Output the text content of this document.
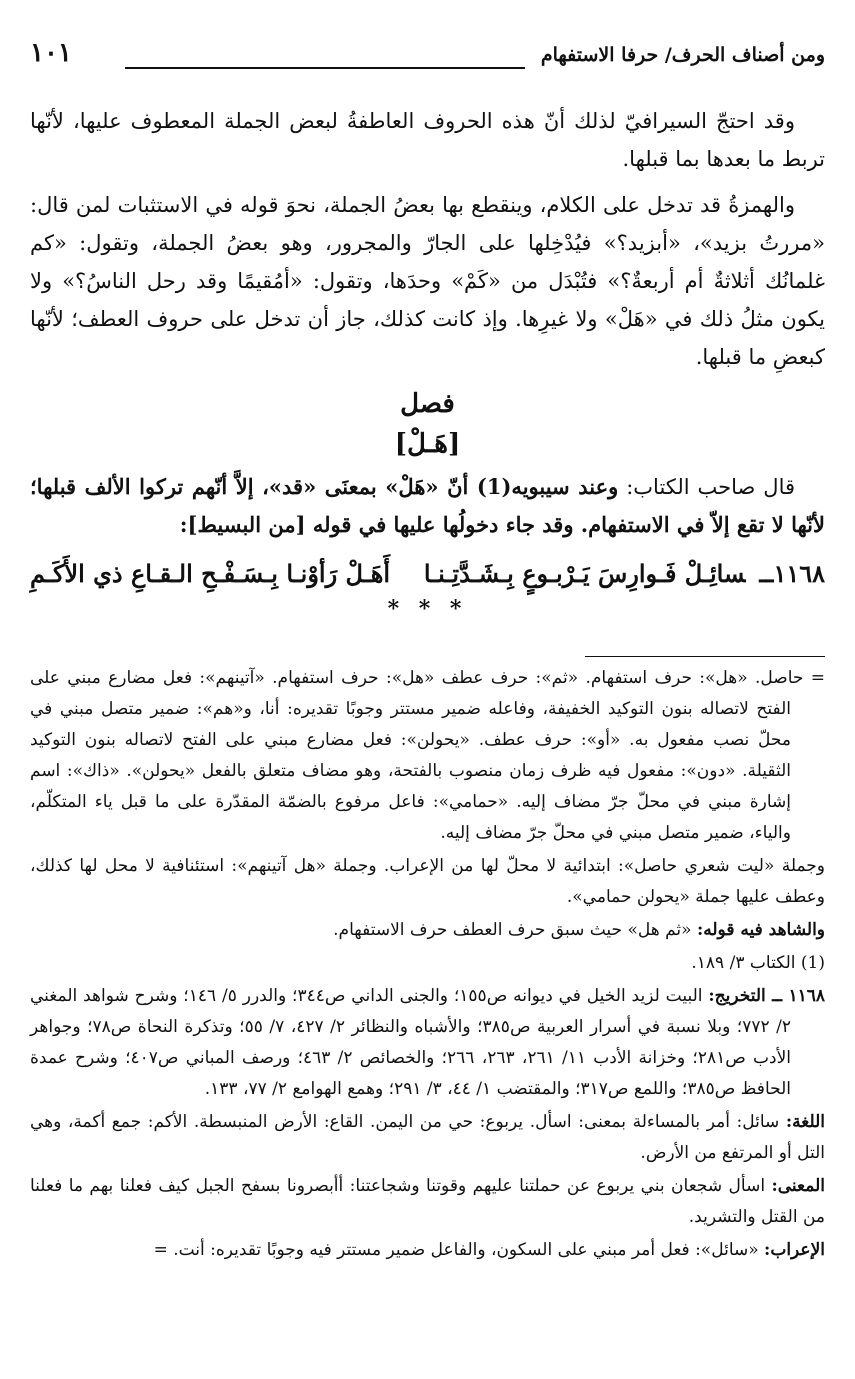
ومن أصناف الحرف/ حرفا الاستفهام
١٠١

وقد احتجّ السيرافيّ لذلك أنّ هذه الحروف العاطفةُ لبعض الجملة المعطوف عليها، لأنّها تربط ما بعدها بما قبلها.

والهمزةُ قد تدخل على الكلام، وينقطع بها بعضُ الجملة، نحوَ قوله في الاستثبات لمن قال: «مررتُ بزيد»، «أبزيد؟» فيُدْخِلها على الجارّ والمجرور، وهو بعضُ الجملة، وتقول: «كم غلمانُك أثلاثةٌ أم أربعةٌ؟» فتُبْدَل من «كَمْ» وحدَها، وتقول: «أمُقيمًا وقد رحل الناسُ؟» ولا يكون مثلُ ذلك في «هَلْ» ولا غيرِها. وإذ كانت كذلك، جاز أن تدخل على حروف العطف؛ لأنّها كبعضِ ما قبلها.

فصل
[هَـلْ]

قال صاحب الكتاب: وعند سيبويه(1) أنّ «هَلْ» بمعنَى «قد»، إلاَّ أنّهم تركوا الألف قبلها؛ لأنّها لا تقع إلاّ في الاستفهام. وقد جاء دخولُها عليها في قوله [من البسيط]:

١١٦٨ــسائِـلْ فَـوارِسَ يَـرْبـوعٍ بِـشَـدَّتِـنـا
أَهَـلْ رَأوْنـا بِـسَـفْـحِ الـقـاعِ ذي الأَكَـمِ
* * *

= حاصل. «هل»: حرف استفهام. «ثم»: حرف عطف «هل»: حرف استفهام. «آتينهم»: فعل مضارع مبني على الفتح لاتصاله بنون التوكيد الخفيفة، وفاعله ضمير مستتر وجوبًا تقديره: أنا، و«هم»: ضمير متصل مبني في محلّ نصب مفعول به. «أو»: حرف عطف. «يحولن»: فعل مضارع مبني على الفتح لاتصاله بنون التوكيد الثقيلة. «دون»: مفعول فيه ظرف زمان منصوب بالفتحة، وهو مضاف متعلق بالفعل «يحولن». «ذاك»: اسم إشارة مبني في محلّ جرّ مضاف إليه. «حمامي»: فاعل مرفوع بالضمّة المقدّرة على ما قبل ياء المتكلّم، والياء، ضمير متصل مبني في محلّ جرّ مضاف إليه.

وجملة «ليت شعري حاصل»: ابتدائية لا محلّ لها من الإعراب. وجملة «هل آتينهم»: استئنافية لا محل لها كذلك، وعطف عليها جملة «يحولن حمامي».

والشاهد فيه قوله: «ثم هل» حيث سبق حرف العطف حرف الاستفهام.

(1) الكتاب ٣/ ١٨٩.

١١٦٨ ــ التخريج: البيت لزيد الخيل في ديوانه ص١٥٥؛ والجنى الداني ص٣٤٤؛ والدرر ٥/ ١٤٦؛ وشرح شواهد المغني ٢/ ٧٧٢؛ وبلا نسبة في أسرار العربية ص٣٨٥؛ والأشباه والنظائر ٢/ ٤٢٧، ٧/ ٥٥؛ وتذكرة النحاة ص٧٨؛ وجواهر الأدب ص٢٨١؛ وخزانة الأدب ١١/ ٢٦١، ٢٦٣، ٢٦٦؛ والخصائص ٢/ ٤٦٣؛ ورصف المباني ص٤٠٧؛ وشرح عمدة الحافظ ص٣٨٥؛ واللمع ص٣١٧؛ والمقتضب ١/ ٤٤، ٣/ ٢٩١؛ وهمع الهوامع ٢/ ٧٧، ١٣٣.

اللغة: سائل: أمر بالمساءلة بمعنى: اسأل. يربوع: حي من اليمن. القاع: الأرض المنبسطة. الأكم: جمع أكمة، وهي التل أو المرتفع من الأرض.

المعنى: اسأل شجعان بني يربوع عن حملتنا عليهم وقوتنا وشجاعتنا: أأبصرونا بسفح الجبل كيف فعلنا بهم ما فعلنا من القتل والتشريد.

الإعراب: «سائل»: فعل أمر مبني على السكون، والفاعل ضمير مستتر فيه وجوبًا تقديره: أنت. =
